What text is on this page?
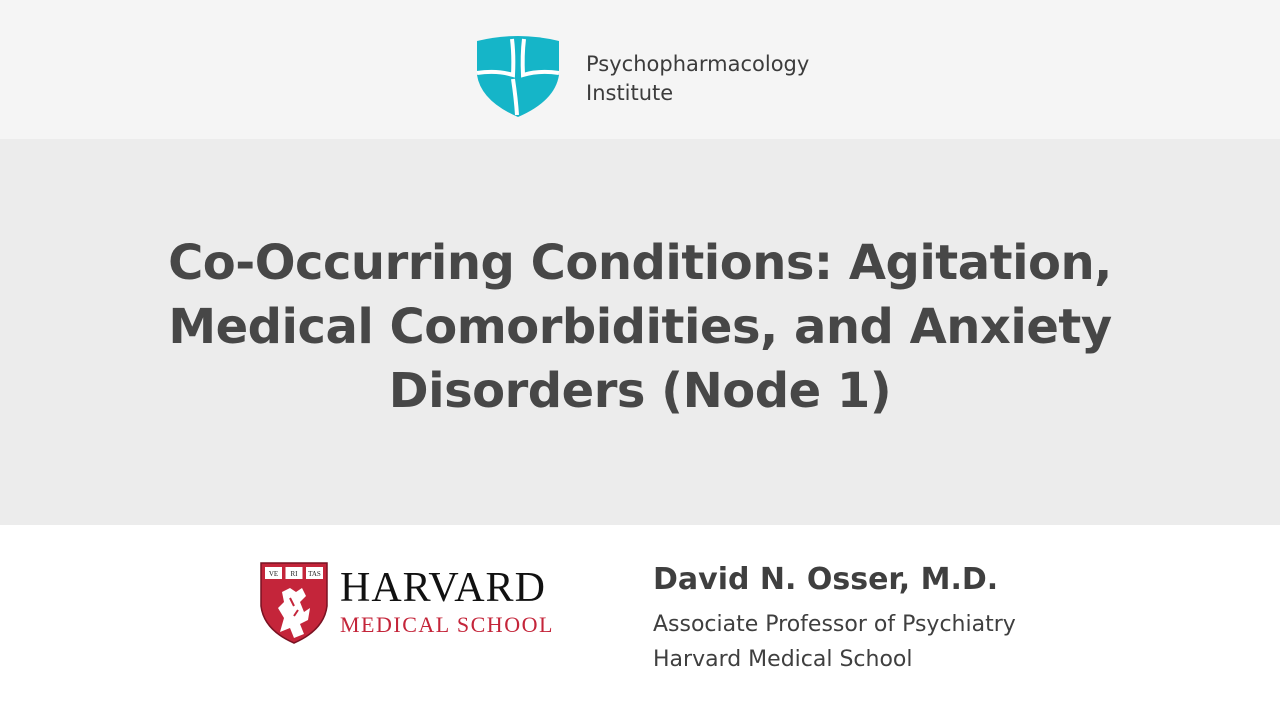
Psychopharmacology
Institute
Co-Occurring Conditions: Agitation,
Medical Comorbidities, and Anxiety
Disorders (Node 1)
VE RI TAS HARVARD
MEDICAL SCHOOL
David N. Osser, M.D.
Associate Professor of Psychiatry
Harvard Medical School
